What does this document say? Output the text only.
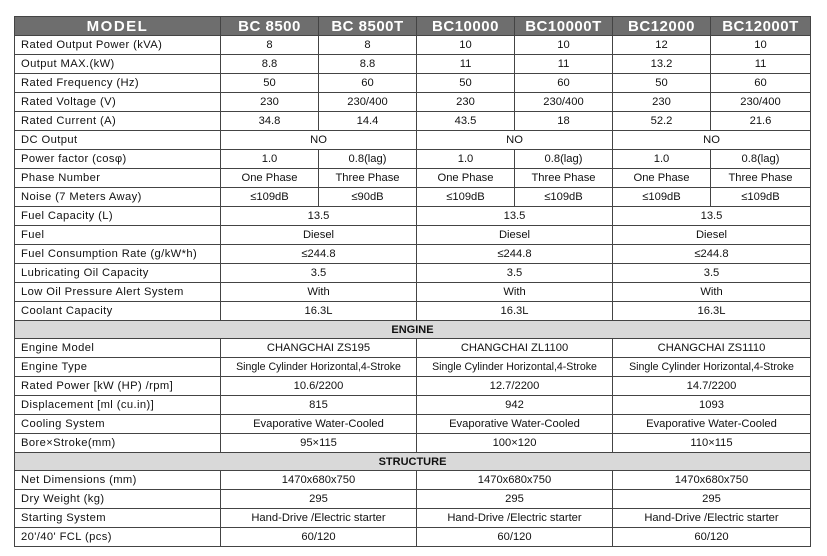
MODEL	BC 8500	BC 8500T	BC10000	BC10000T	BC12000	BC12000T
Rated Output Power (kVA)	8	8	10	10	12	10
Output MAX.(kW)	8.8	8.8	11	11	13.2	11
Rated Frequency (Hz)	50	60	50	60	50	60
Rated Voltage (V)	230	230/400	230	230/400	230	230/400
Rated Current (A)	34.8	14.4	43.5	18	52.2	21.6
DC Output	NO		NO		NO	
Power factor (cosφ)	1.0	0.8(lag)	1.0	0.8(lag)	1.0	0.8(lag)
Phase Number	One Phase	Three Phase	One Phase	Three Phase	One Phase	Three Phase
Noise (7 Meters Away)	≤109dB	≤90dB	≤109dB	≤109dB	≤109dB	≤109dB
Fuel Capacity (L)	13.5		13.5		13.5	
Fuel	Diesel		Diesel		Diesel	
Fuel Consumption Rate (g/kW*h)	≤244.8		≤244.8		≤244.8	
Lubricating Oil Capacity	3.5		3.5		3.5	
Low Oil Pressure Alert System	With		With		With	
Coolant Capacity	16.3L		16.3L		16.3L	
ENGINE						
Engine Model	CHANGCHAI ZS195		CHANGCHAI ZL1100		CHANGCHAI ZS1110	
Engine Type	Single Cylinder Horizontal,4-Stroke		Single Cylinder Horizontal,4-Stroke		Single Cylinder Horizontal,4-Stroke	
Rated Power [kW (HP) /rpm]	10.6/2200		12.7/2200		14.7/2200	
Displacement [ml (cu.in)]	815		942		1093	
Cooling System	Evaporative Water-Cooled		Evaporative Water-Cooled		Evaporative Water-Cooled	
Bore×Stroke(mm)	95×115		100×120		110×115	
STRUCTURE						
Net Dimensions (mm)	1470x680x750		1470x680x750		1470x680x750	
Dry Weight (kg)	295		295		295	
Starting System	Hand-Drive /Electric starter		Hand-Drive /Electric starter		Hand-Drive /Electric starter	
20'/40' FCL (pcs)	60/120		60/120		60/120	
